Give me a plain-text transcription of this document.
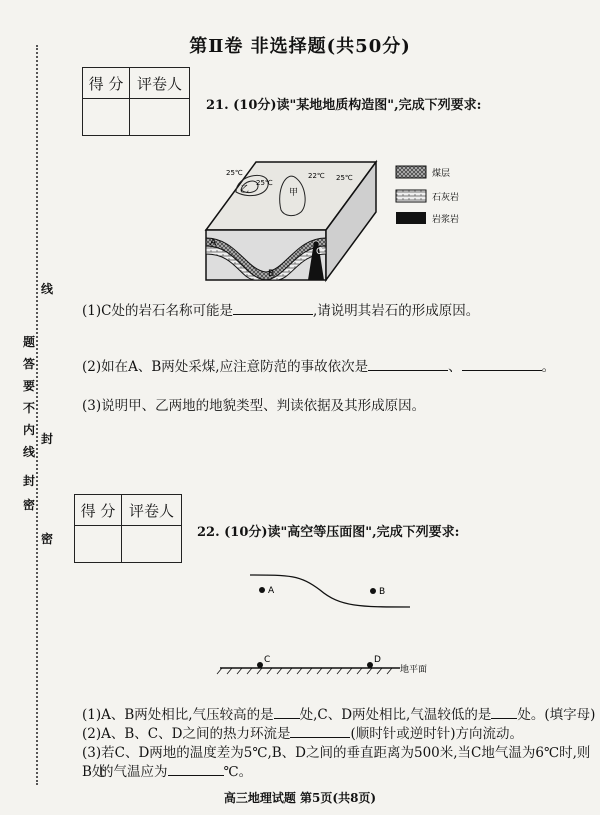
第Ⅱ卷 非选择题(共50分)
线
题
答
要
不
内
线
封
封
密
密
得 分	评卷人

21. (10分)读"某地地质构造图",完成下列要求:
25℃
25℃
22℃ 25℃
乙	甲
A
B
C
煤层
石灰岩
岩浆岩
(1)C处的岩石名称可能是	,请说明其岩石的形成原因。
(2)如在A、B两处采煤,应注意防范的事故依次是	、	。
(3)说明甲、乙两地的地貌类型、判读依据及其形成原因。
得 分	评卷人

22. (10分)读"高空等压面图",完成下列要求:
A	B
C	D
地平面
(1)A、B两处相比,气压较高的是 处,C、D两处相比,气温较低的是 处。(填字母)
(2)A、B、C、D之间的热力环流是	(顺时针或逆时针)方向流动。
(3)若C、D两地的温度差为5℃,B、D之间的垂直距离为500米,当C地气温为6℃时,则B处
的气温应为	℃。
高三地理试题 第5页(共8页)
